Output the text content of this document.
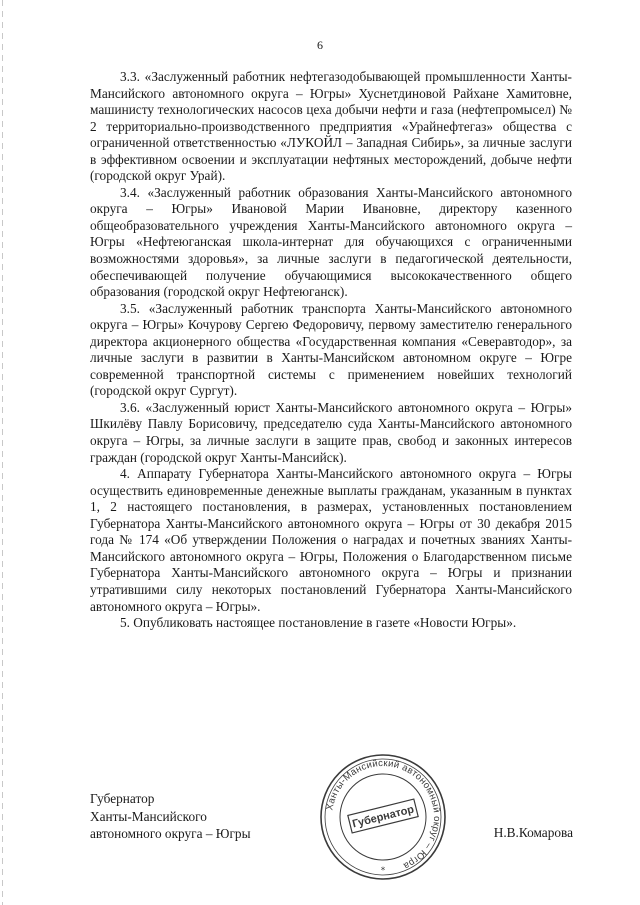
6

3.3. «Заслуженный работник нефтегазодобывающей промышленности Ханты-Мансийского автономного округа – Югры» Хуснетдиновой Райхане Хамитовне, машинисту технологических насосов цеха добычи нефти и газа (нефтепромысел) № 2 территориально-производственного предприятия «Урайнефтегаз» общества с ограниченной ответственностью «ЛУКОЙЛ – Западная Сибирь», за личные заслуги в эффективном освоении и эксплуатации нефтяных месторождений, добыче нефти (городской округ Урай).

3.4. «Заслуженный работник образования Ханты-Мансийского автономного округа – Югры» Ивановой Марии Ивановне, директору казенного общеобразовательного учреждения Ханты-Мансийского автономного округа – Югры «Нефтеюганская школа-интернат для обучающихся с ограниченными возможностями здоровья», за личные заслуги в педагогической деятельности, обеспечивающей получение обучающимися высококачественного общего образования (городской округ Нефтеюганск).

3.5. «Заслуженный работник транспорта Ханты-Мансийского автономного округа – Югры» Кочурову Сергею Федоровичу, первому заместителю генерального директора акционерного общества «Государственная компания «Северавтодор», за личные заслуги в развитии в Ханты-Мансийском автономном округе – Югре современной транспортной системы с применением новейших технологий (городской округ Сургут).

3.6. «Заслуженный юрист Ханты-Мансийского автономного округа – Югры» Шкилёву Павлу Борисовичу, председателю суда Ханты-Мансийского автономного округа – Югры, за личные заслуги в защите прав, свобод и законных интересов граждан (городской округ Ханты-Мансийск).

4. Аппарату Губернатора Ханты-Мансийского автономного округа – Югры осуществить единовременные денежные выплаты гражданам, указанным в пунктах 1, 2 настоящего постановления, в размерах, установленных постановлением Губернатора Ханты-Мансийского автономного округа – Югры от 30 декабря 2015 года № 174 «Об утверждении Положения о наградах и почетных званиях Ханты-Мансийского автономного округа – Югры, Положения о Благодарственном письме Губернатора Ханты-Мансийского автономного округа – Югры и признании утратившими силу некоторых постановлений Губернатора Ханты-Мансийского автономного округа – Югры».

5. Опубликовать настоящее постановление в газете «Новости Югры».

Губернатор
Ханты-Мансийского
автономного округа – Югры	Н.В.Комарова
Ханты-Мансийский автономный округ – Югра
Губернатор
*
